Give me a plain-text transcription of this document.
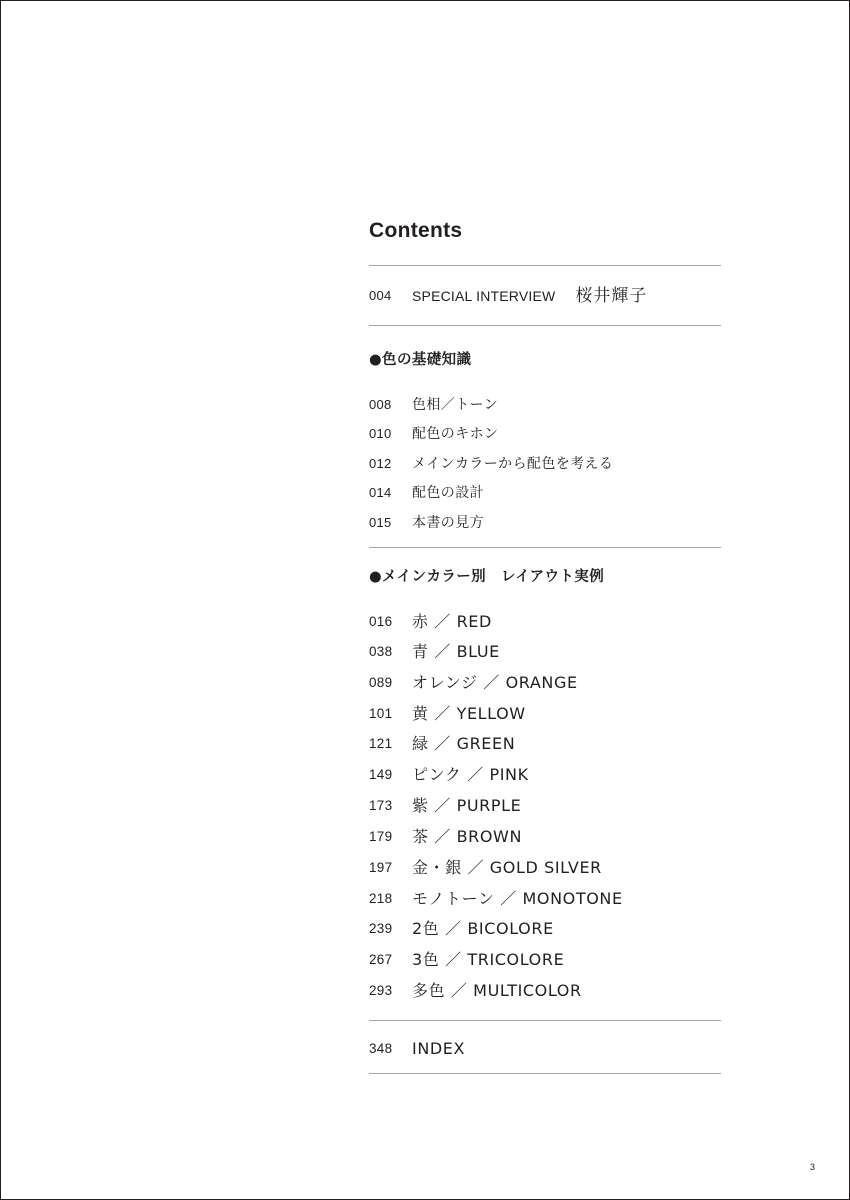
Contents
004	SPECIAL INTERVIEW 桜井輝子
●色の基礎知識
008	色相／トーン
010	配色のキホン
012	メインカラーから配色を考える
014	配色の設計
015	本書の見方
●メインカラー別　レイアウト実例
016	赤 ／ RED
038	青 ／ BLUE
089	オレンジ ／ ORANGE
101	黄 ／ YELLOW
121	緑 ／ GREEN
149	ピンク ／ PINK
173	紫 ／ PURPLE
179	茶 ／ BROWN
197	金・銀 ／ GOLD SILVER
218	モノトーン ／ MONOTONE
239	2色 ／ BICOLORE
267	3色 ／ TRICOLORE
293	多色 ／ MULTICOLOR
348	INDEX
3
